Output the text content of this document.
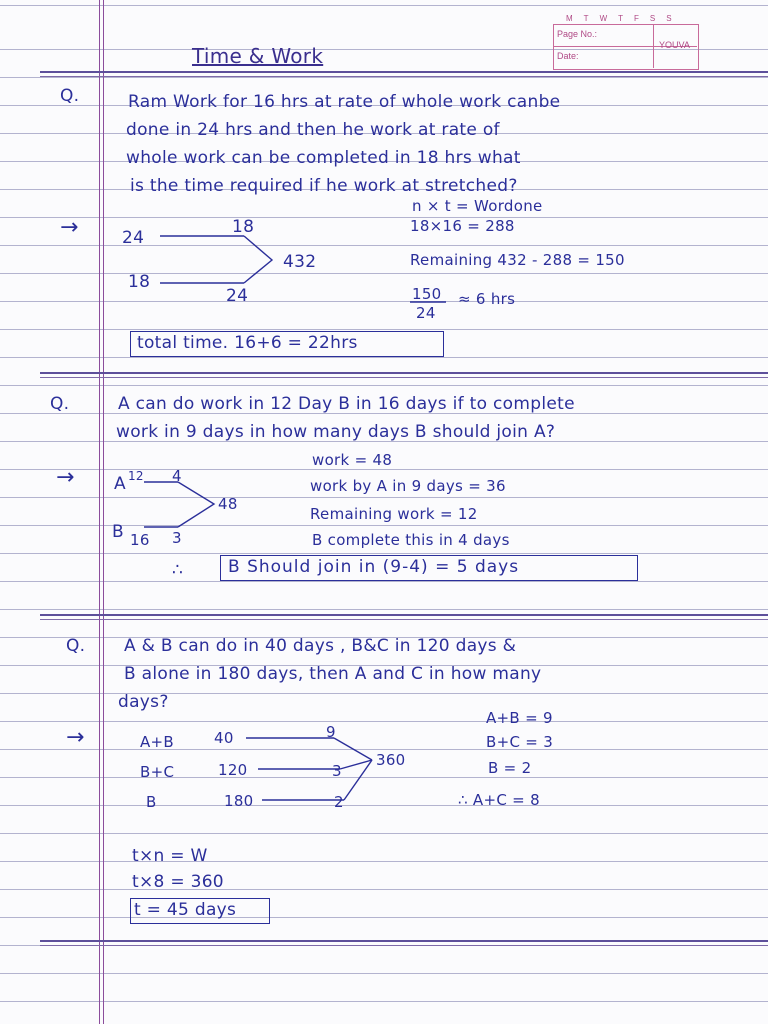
MTWTFSS
Page No.:
Date:
YOUVA
Time & Work
Q.	Ram Work for 16 hrs at rate of whole work canbe
done in 24 hrs and then he work at rate of
whole work can be completed in 18 hrs what
is the time required if he work at stretched?
→	24
18
18
24
432
n × t = Wordone
18×16 = 288
Remaining 432 - 288 = 150
150
24
≈ 6 hrs
total time. 16+6 = 22hrs
Q.	A can do work in 12 Day B in 16 days if to complete
work in 9 days in how many days B should join A?
→ A 12 4
48
B 16 3
work = 48
work by A in 9 days = 36
Remaining work = 12
B complete this in 4 days
∴	B Should join in (9-4) = 5 days
Q. A & B can do in 40 days , B&C in 120 days &
B alone in 180 days, then A and C in how many
days?
→	A+B	40	9
B+C	120	3
B	180	2
360
A+B = 9
B+C = 3
B = 2
∴ A+C = 8
t×n = W
t×8 = 360
t = 45 days
